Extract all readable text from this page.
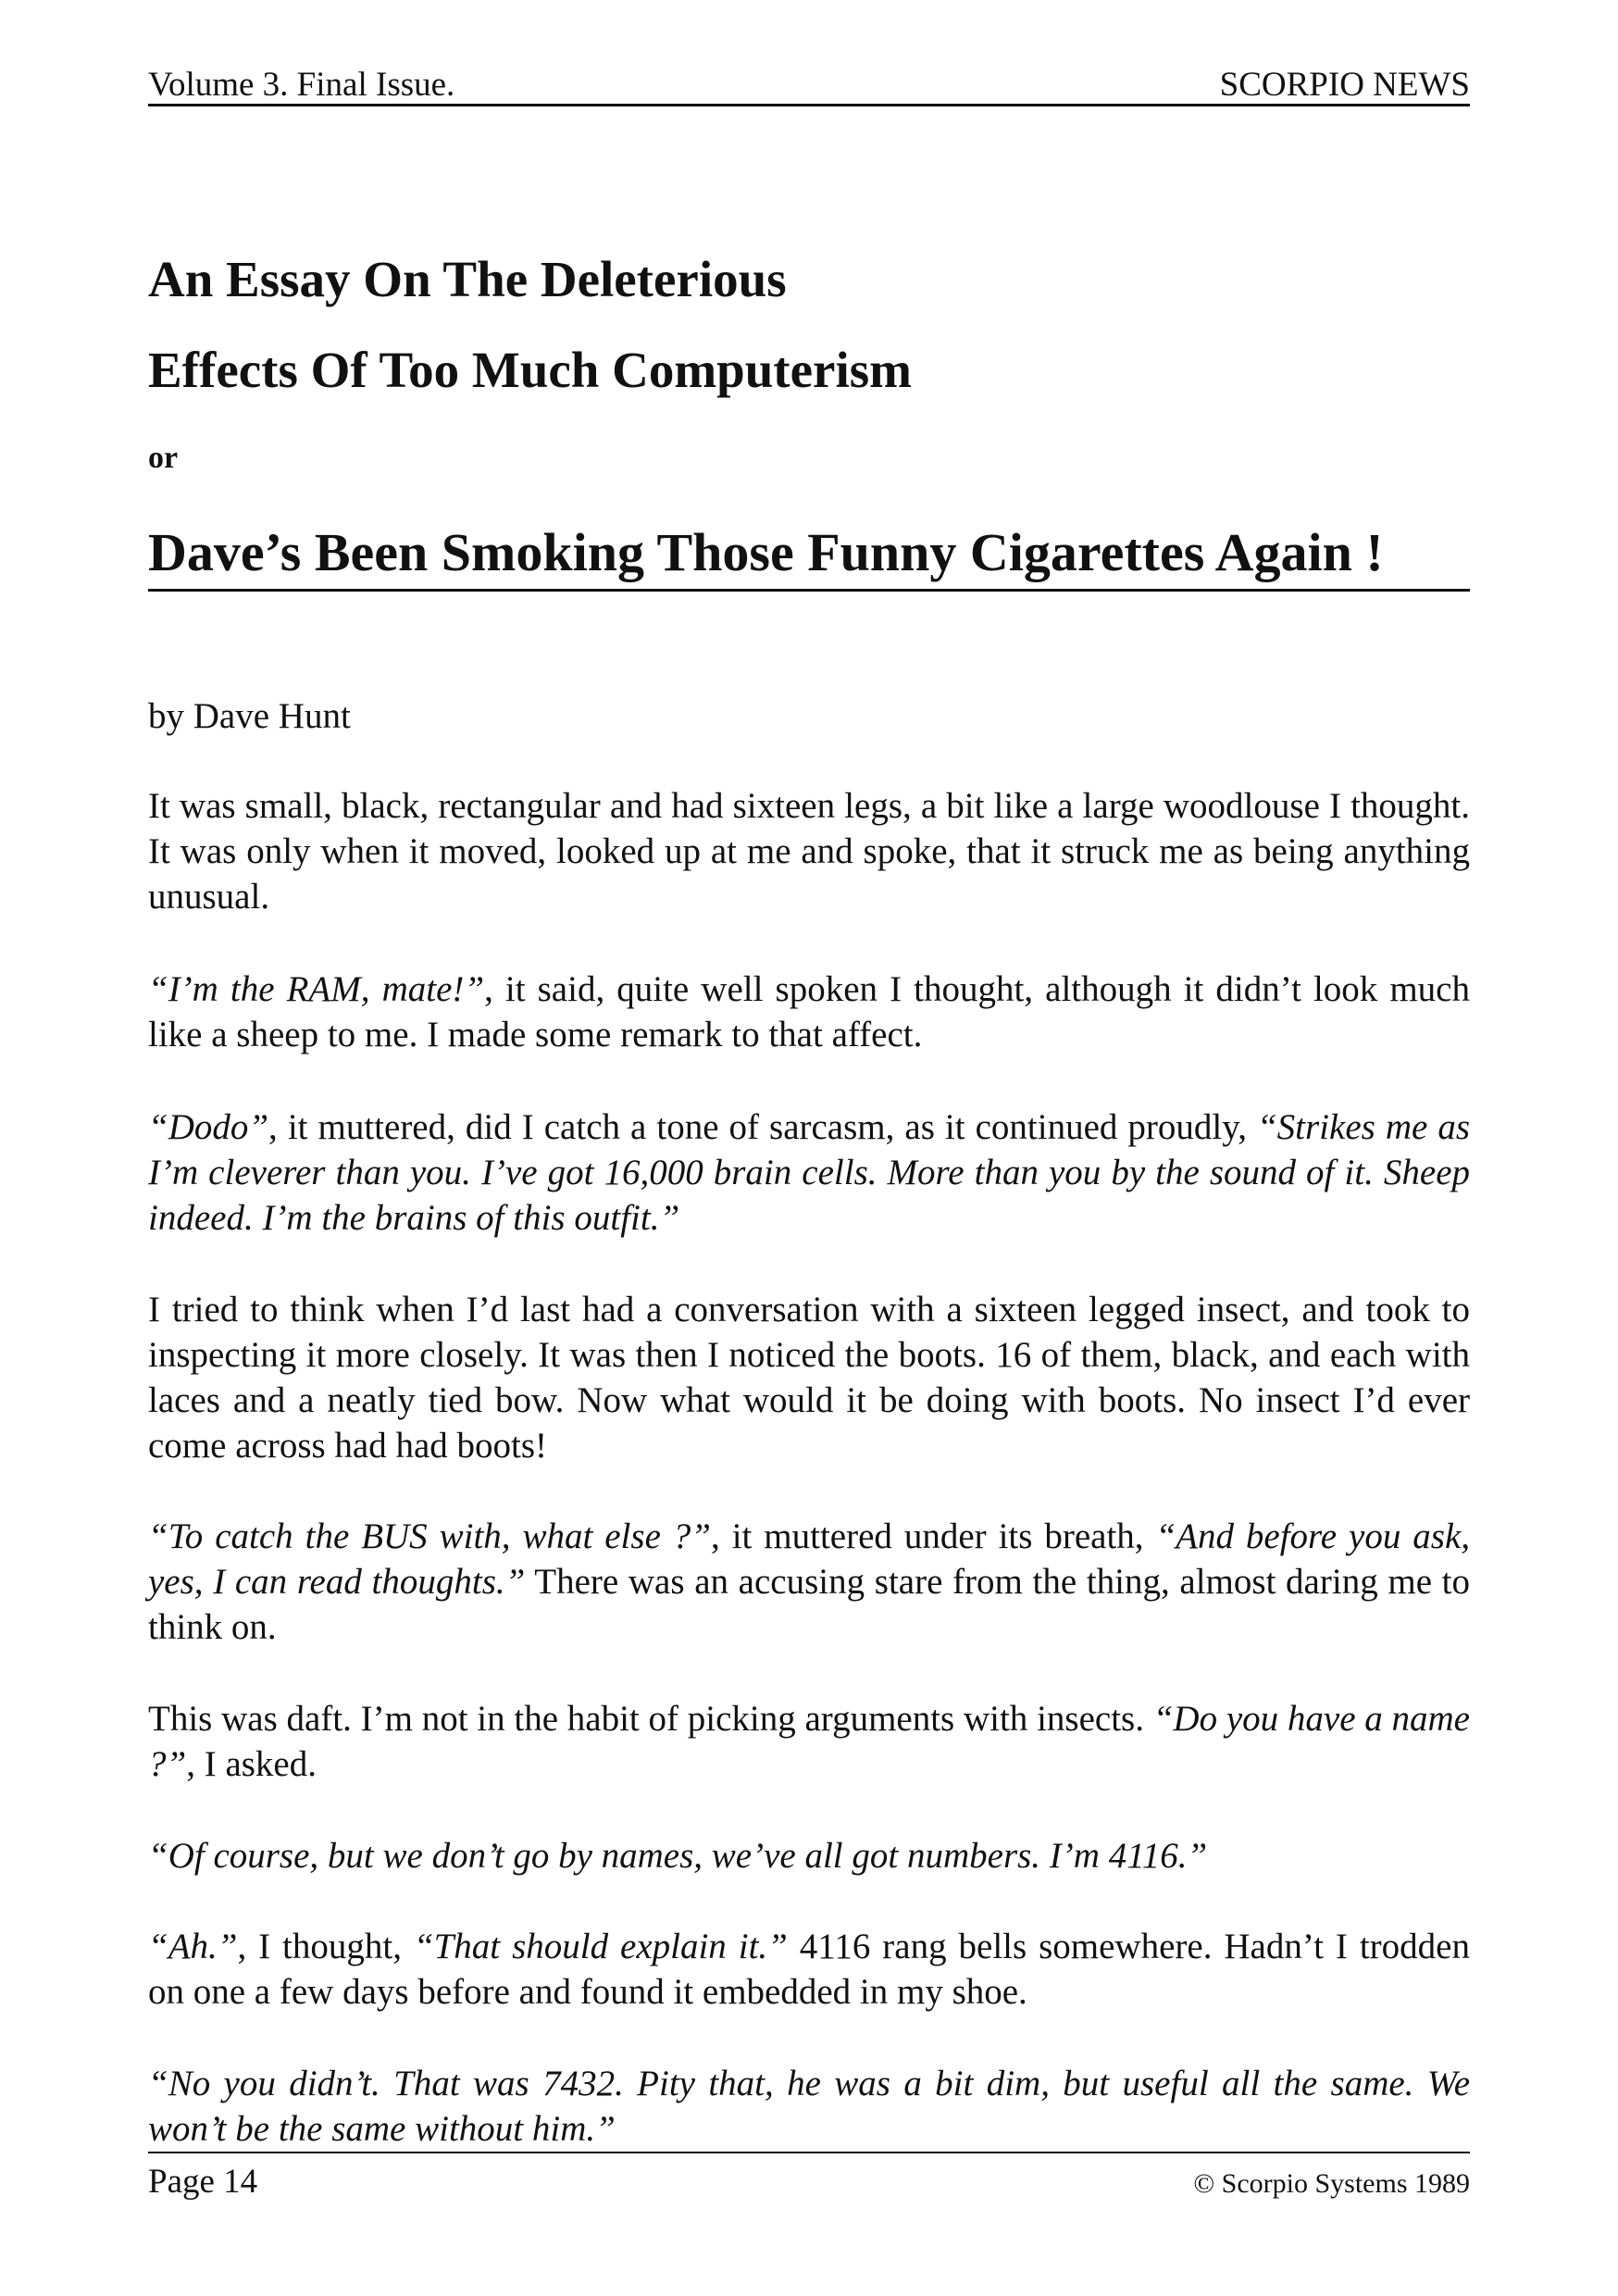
Volume 3. Final Issue.	SCORPIO NEWS
An Essay On The Deleterious
Effects Of Too Much Computerism
or
Dave’s Been Smoking Those Funny Cigarettes Again !
by Dave Hunt

It was small, black, rectangular and had sixteen legs, a bit like a large woodlouse I thought. It was only when it moved, looked up at me and spoke, that it struck me as being anything unusual.

“I’m the RAM, mate!”, it said, quite well spoken I thought, although it didn’t look much like a sheep to me. I made some remark to that affect.

“Dodo”, it muttered, did I catch a tone of sarcasm, as it continued proudly, “Strikes me as I’m cleverer than you. I’ve got 16,000 brain cells. More than you by the sound of it. Sheep indeed. I’m the brains of this outfit.”

I tried to think when I’d last had a conversation with a sixteen legged insect, and took to inspecting it more closely. It was then I noticed the boots. 16 of them, black, and each with laces and a neatly tied bow. Now what would it be doing with boots. No insect I’d ever come across had had boots!

“To catch the BUS with, what else ?”, it muttered under its breath, “And before you ask, yes, I can read thoughts.” There was an accusing stare from the thing, almost daring me to think on.

This was daft. I’m not in the habit of picking arguments with insects. “Do you have a name ?”, I asked.

“Of course, but we don’t go by names, we’ve all got numbers. I’m 4116.”

“Ah.”, I thought, “That should explain it.” 4116 rang bells somewhere. Hadn’t I trodden on one a few days before and found it embedded in my shoe.

“No you didn’t. That was 7432. Pity that, he was a bit dim, but useful all the same. We won’t be the same without him.”

Page 14	© Scorpio Systems 1989
